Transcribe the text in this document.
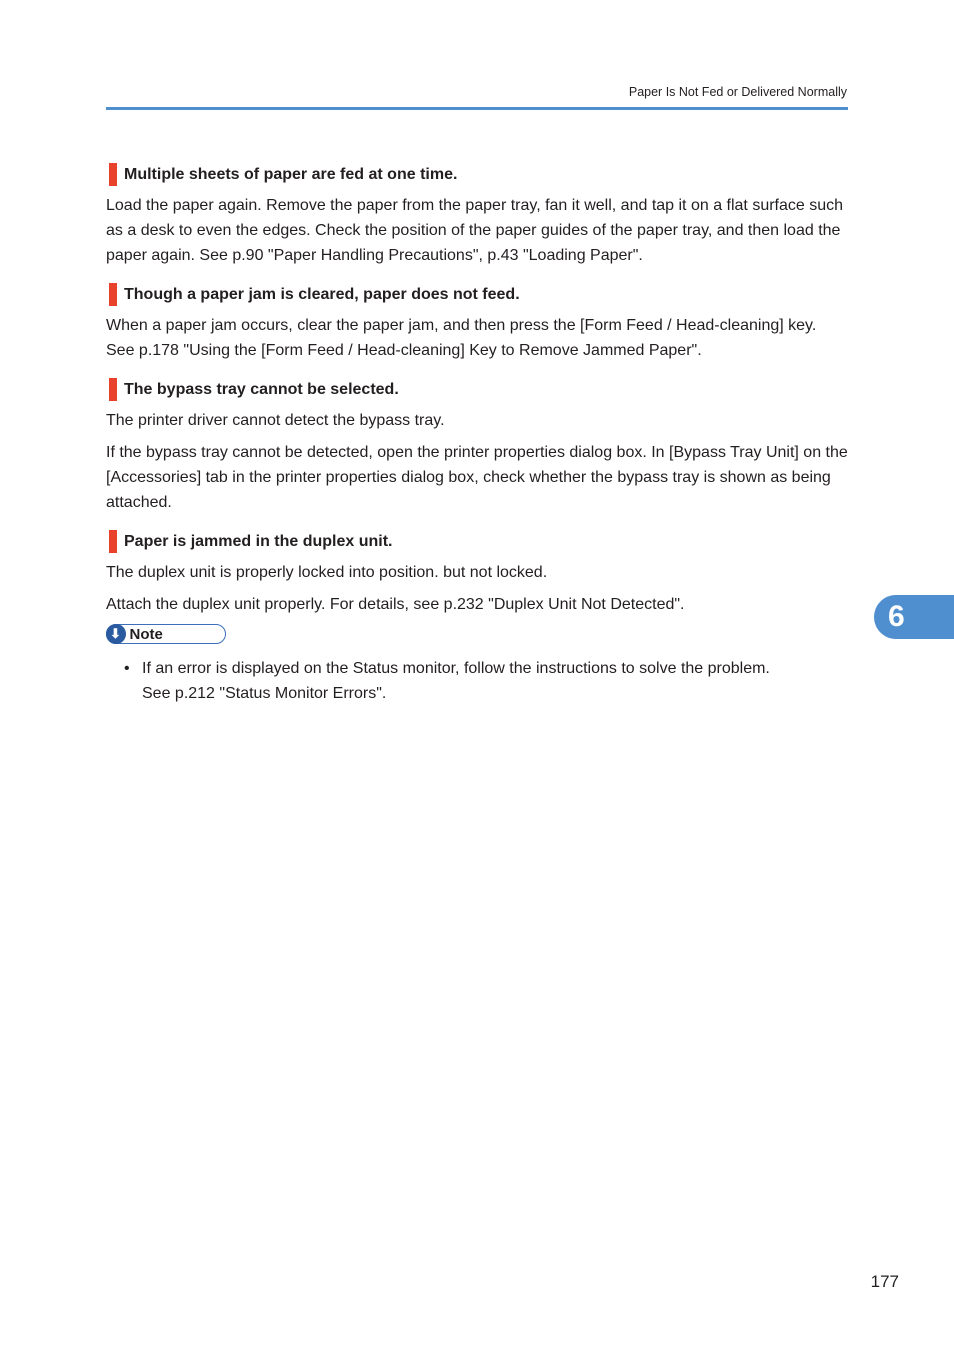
Paper Is Not Fed or Delivered Normally
Multiple sheets of paper are fed at one time.

Load the paper again. Remove the paper from the paper tray, fan it well, and tap it on a flat surface such as a desk to even the edges. Check the position of the paper guides of the paper tray, and then load the paper again. See p.90 "Paper Handling Precautions", p.43 "Loading Paper".

Though a paper jam is cleared, paper does not feed.

When a paper jam occurs, clear the paper jam, and then press the [Form Feed / Head-cleaning] key. See p.178 "Using the [Form Feed / Head-cleaning] Key to Remove Jammed Paper".

The bypass tray cannot be selected.

The printer driver cannot detect the bypass tray.

If the bypass tray cannot be detected, open the printer properties dialog box. In [Bypass Tray Unit] on the [Accessories] tab in the printer properties dialog box, check whether the bypass tray is shown as being attached.

Paper is jammed in the duplex unit.

The duplex unit is properly locked into position. but not locked.

Attach the duplex unit properly. For details, see p.232 "Duplex Unit Not Detected".

⬇ Note
• If an error is displayed on the Status monitor, follow the instructions to solve the problem. See p.212 "Status Monitor Errors".
6
177
